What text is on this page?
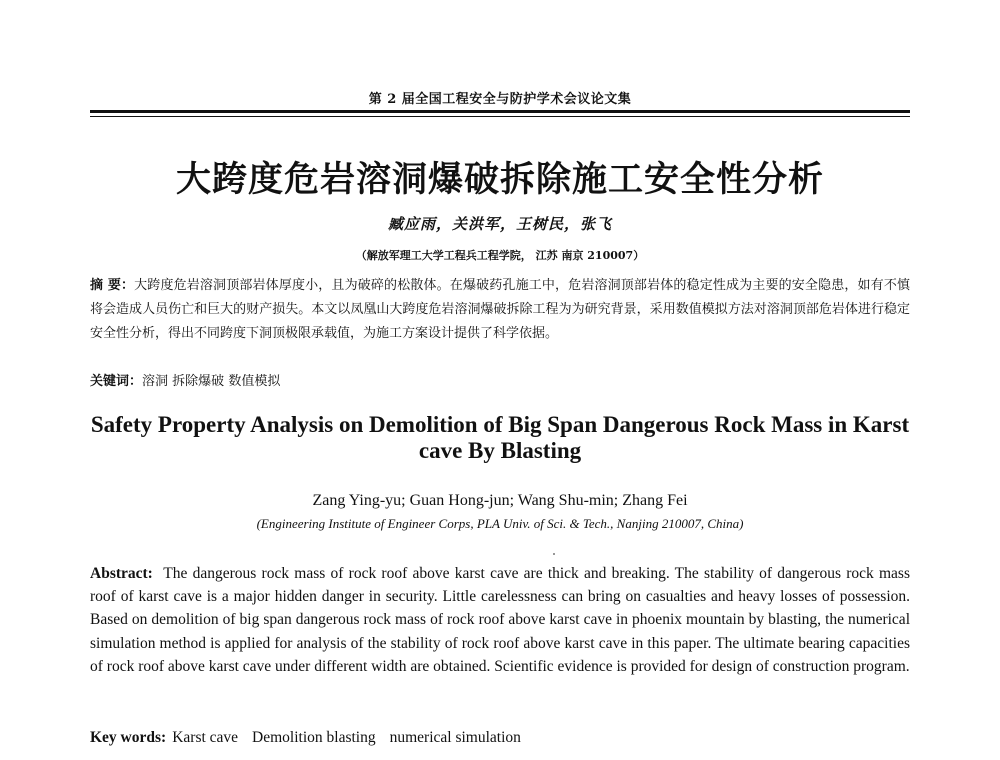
第 2 届全国工程安全与防护学术会议论文集
大跨度危岩溶洞爆破拆除施工安全性分析
臧应雨，关洪军，王树民，张飞
（解放军理工大学工程兵工程学院， 江苏 南京 210007）
摘 要：大跨度危岩溶洞顶部岩体厚度小，且为破碎的松散体。在爆破药孔施工中，危岩溶洞顶部岩体的稳定性成为主要的安全隐患，如有不慎将会造成人员伤亡和巨大的财产损失。本文以凤凰山大跨度危岩溶洞爆破拆除工程为为研究背景，采用数值模拟方法对溶洞顶部危岩体进行稳定安全性分析，得出不同跨度下洞顶极限承载值，为施工方案设计提供了科学依据。
关键词：溶洞 拆除爆破 数值模拟
Safety Property Analysis on Demolition of Big Span Dangerous Rock Mass in Karst cave By Blasting
Zang Ying-yu; Guan Hong-jun; Wang Shu-min; Zhang Fei
(Engineering Institute of Engineer Corps, PLA Univ. of Sci. & Tech., Nanjing 210007, China)
Abstract: The dangerous rock mass of rock roof above karst cave are thick and breaking. The stability of dangerous rock mass roof of karst cave is a major hidden danger in security. Little carelessness can bring on casualties and heavy losses of possession. Based on demolition of big span dangerous rock mass of rock roof above karst cave in phoenix mountain by blasting, the numerical simulation method is applied for analysis of the stability of rock roof above karst cave in this paper. The ultimate bearing capacities of rock roof above karst cave under different width are obtained. Scientific evidence is provided for design of construction program.
Key words: Karst cave Demolition blasting numerical simulation
